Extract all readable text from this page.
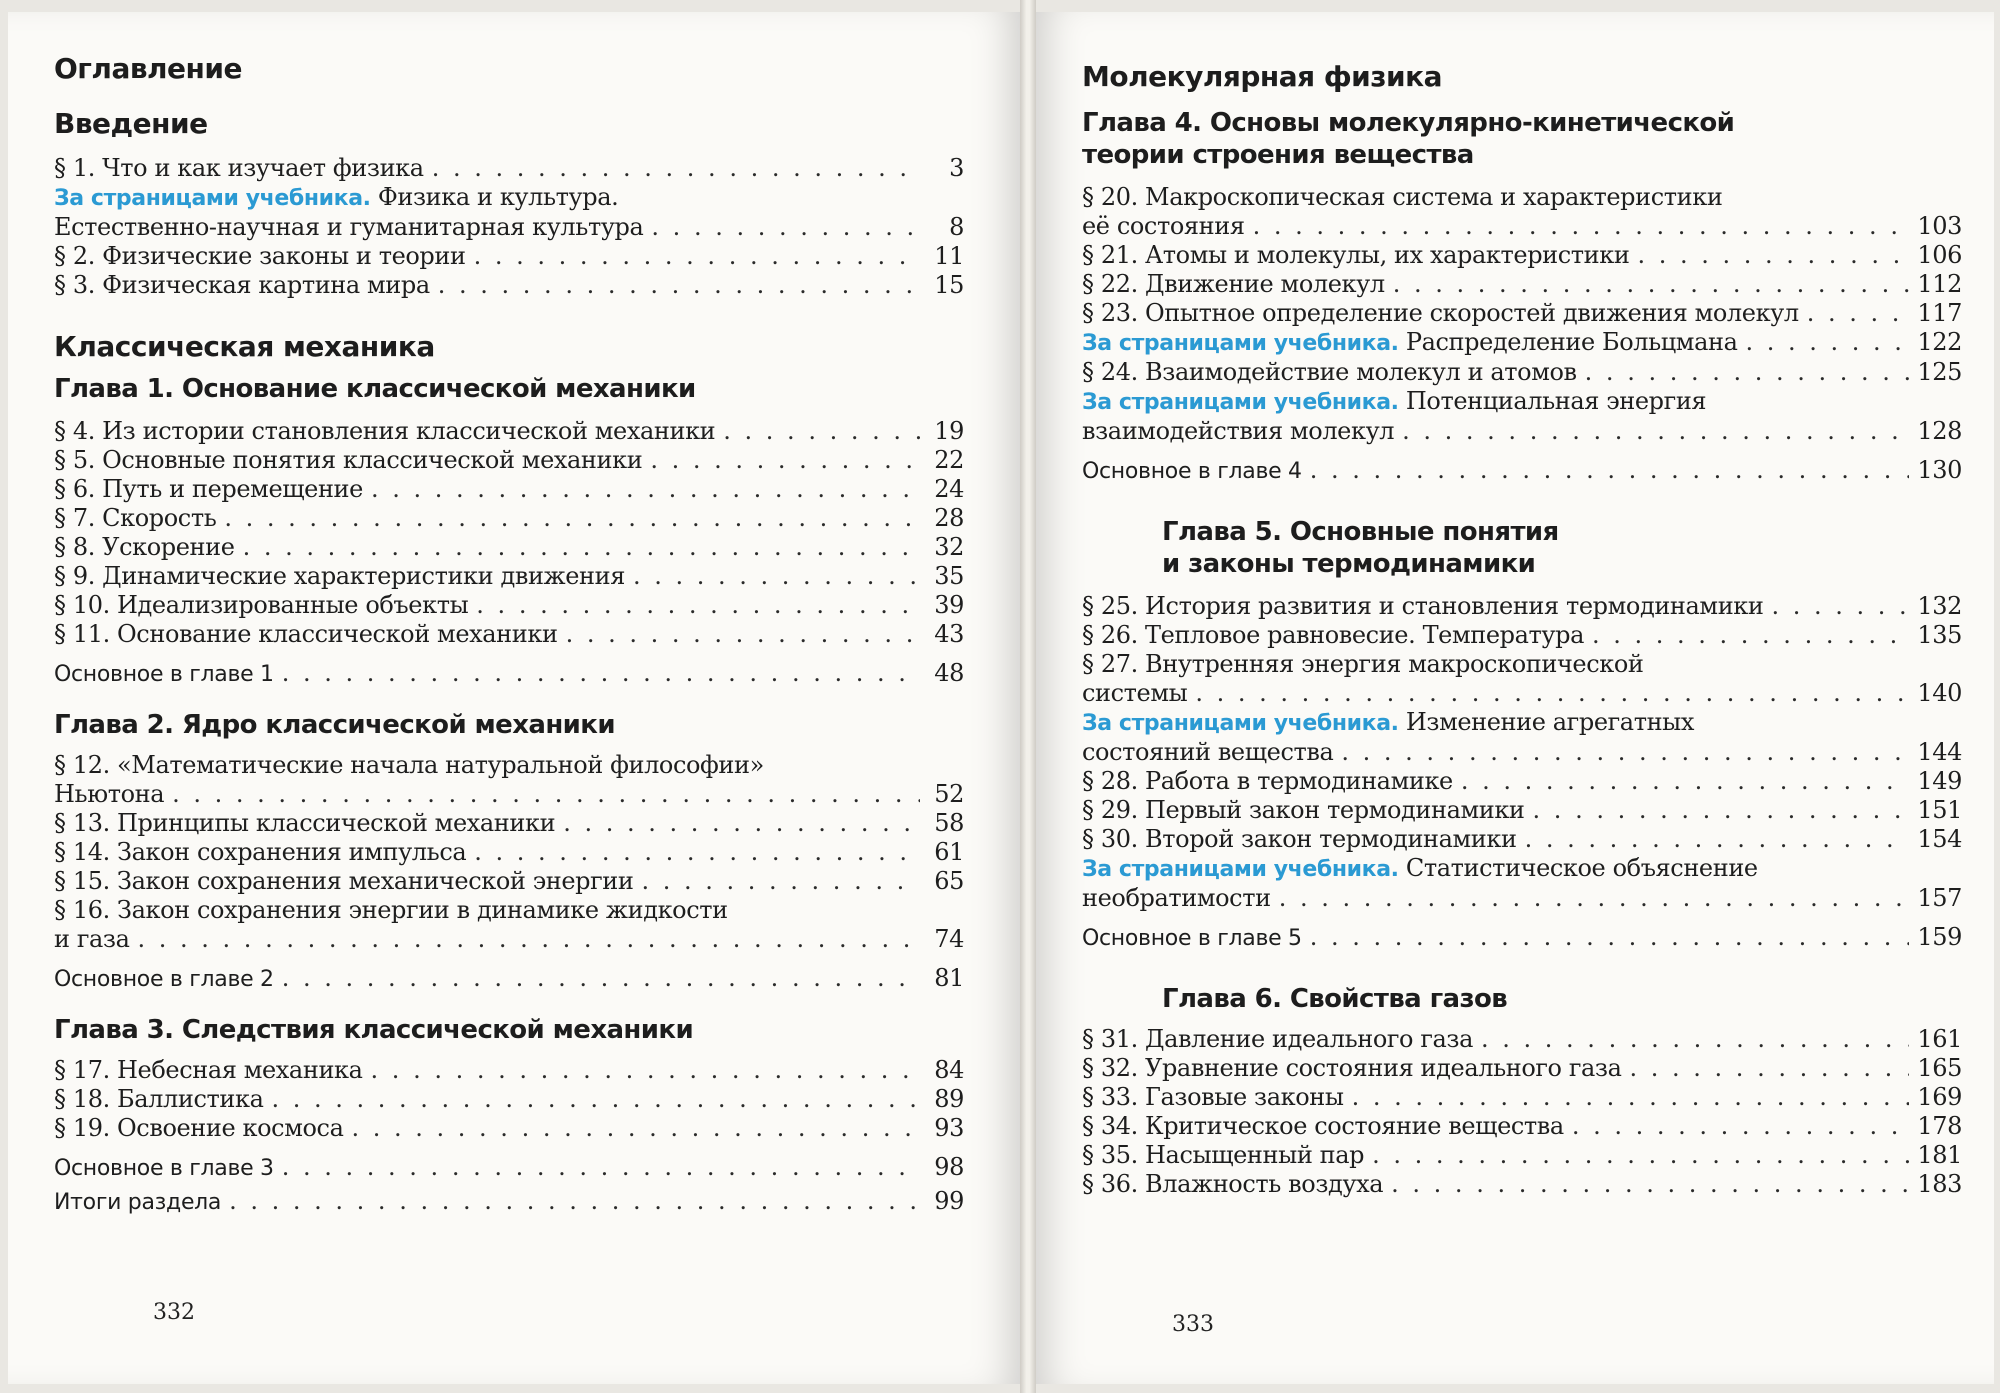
Оглавление
Введение
§ 1. Что и как изучает физика . . .	3
За страницами учебника. Физика и культура.
Естественно-научная и гуманитарная культура . . .	8
§ 2. Физические законы и теории . . .	11
§ 3. Физическая картина мира . . .	15
Классическая механика
Глава 1. Основание классической механики
§ 4. Из истории становления классической механики . . .	19
§ 5. Основные понятия классической механики . . .	22
§ 6. Путь и перемещение . . .	24
§ 7. Скорость . . .	28
§ 8. Ускорение . . .	32
§ 9. Динамические характеристики движения . . .	35
§ 10. Идеализированные объекты . . .	39
§ 11. Основание классической механики . . .	43
Основное в главе 1 . . .	48
Глава 2. Ядро классической механики
§ 12. «Математические начала натуральной философии»
Ньютона . . .	52
§ 13. Принципы классической механики . . .	58
§ 14. Закон сохранения импульса . . .	61
§ 15. Закон сохранения механической энергии . . .	65
§ 16. Закон сохранения энергии в динамике жидкости
и газа . . .	74
Основное в главе 2 . . .	81
Глава 3. Следствия классической механики
§ 17. Небесная механика . . .	84
§ 18. Баллистика . . .	89
§ 19. Освоение космоса . . .	93
Основное в главе 3 . . .	98
Итоги раздела . . .	99
332
Молекулярная физика
Глава 4. Основы молекулярно-кинетической
теории строения вещества
§ 20. Макроскопическая система и характеристики
её состояния . . .	103
§ 21. Атомы и молекулы, их характеристики . . .	106
§ 22. Движение молекул . . .	112
§ 23. Опытное определение скоростей движения молекул . . .	117
За страницами учебника. Распределение Больцмана . . .	122
§ 24. Взаимодействие молекул и атомов . . .	125
За страницами учебника. Потенциальная энергия
взаимодействия молекул . . .	128
Основное в главе 4 . . .	130
Глава 5. Основные понятия
и законы термодинамики
§ 25. История развития и становления термодинамики . . .	132
§ 26. Тепловое равновесие. Температура . . .	135
§ 27. Внутренняя энергия макроскопической
системы . . .	140
За страницами учебника. Изменение агрегатных
состояний вещества . . .	144
§ 28. Работа в термодинамике . . .	149
§ 29. Первый закон термодинамики . . .	151
§ 30. Второй закон термодинамики . . .	154
За страницами учебника. Статистическое объяснение
необратимости . . .	157
Основное в главе 5 . . .	159
Глава 6. Свойства газов
§ 31. Давление идеального газа . . .	161
§ 32. Уравнение состояния идеального газа . . .	165
§ 33. Газовые законы . . .	169
§ 34. Критическое состояние вещества . . .	178
§ 35. Насыщенный пар . . .	181
§ 36. Влажность воздуха . . .	183
333
